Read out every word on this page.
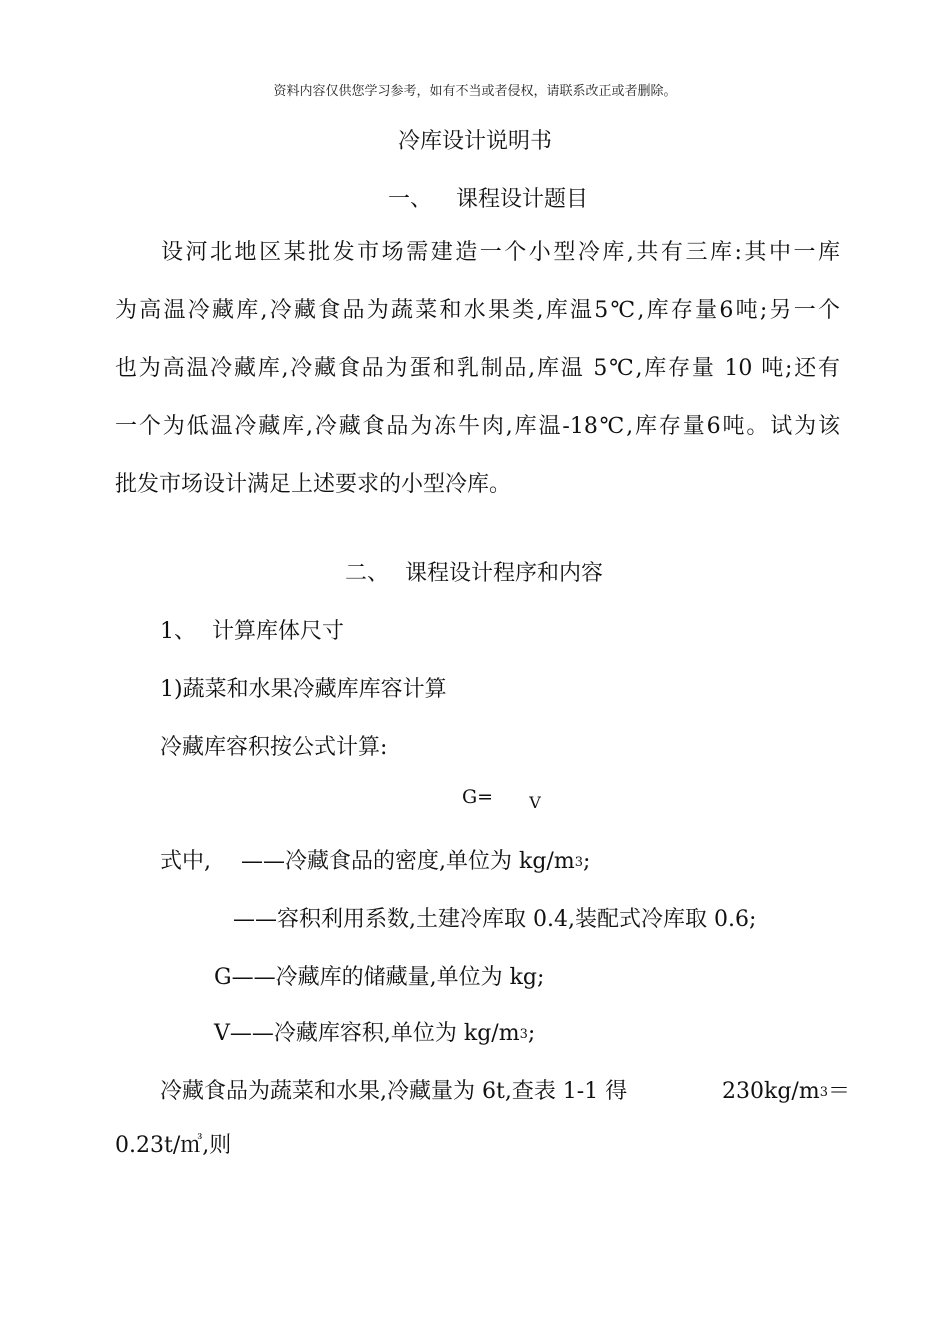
资料内容仅供您学习参考，如有不当或者侵权，请联系改正或者删除。
冷库设计说明书
一、 课程设计题目
设河北地区某批发市场需建造一个小型冷库,共有三库:其中一库
为高温冷藏库,冷藏食品为蔬菜和水果类,库温5℃,库存量6吨;另一个
也为高温冷藏库,冷藏食品为蛋和乳制品,库温 5℃,库存量 10 吨;还有
一个为低温冷藏库,冷藏食品为冻牛肉,库温-18℃,库存量6吨。试为该
批发市场设计满足上述要求的小型冷库。
二、 课程设计程序和内容
1、 计算库体尺寸
1)蔬菜和水果冷藏库库容计算
冷藏库容积按公式计算:
G= $_V$
式中, ——冷藏食品的密度,单位为 kg/m3;
——容积利用系数,土建冷库取 0.4,装配式冷库取 0.6;
G——冷藏库的储藏量,单位为 kg;
V——冷藏库容积,单位为 kg/m3;
冷藏食品为蔬菜和水果,冷藏量为 6t,查表 1-1 得	230kg/m3＝
0.23t/㎥,则
